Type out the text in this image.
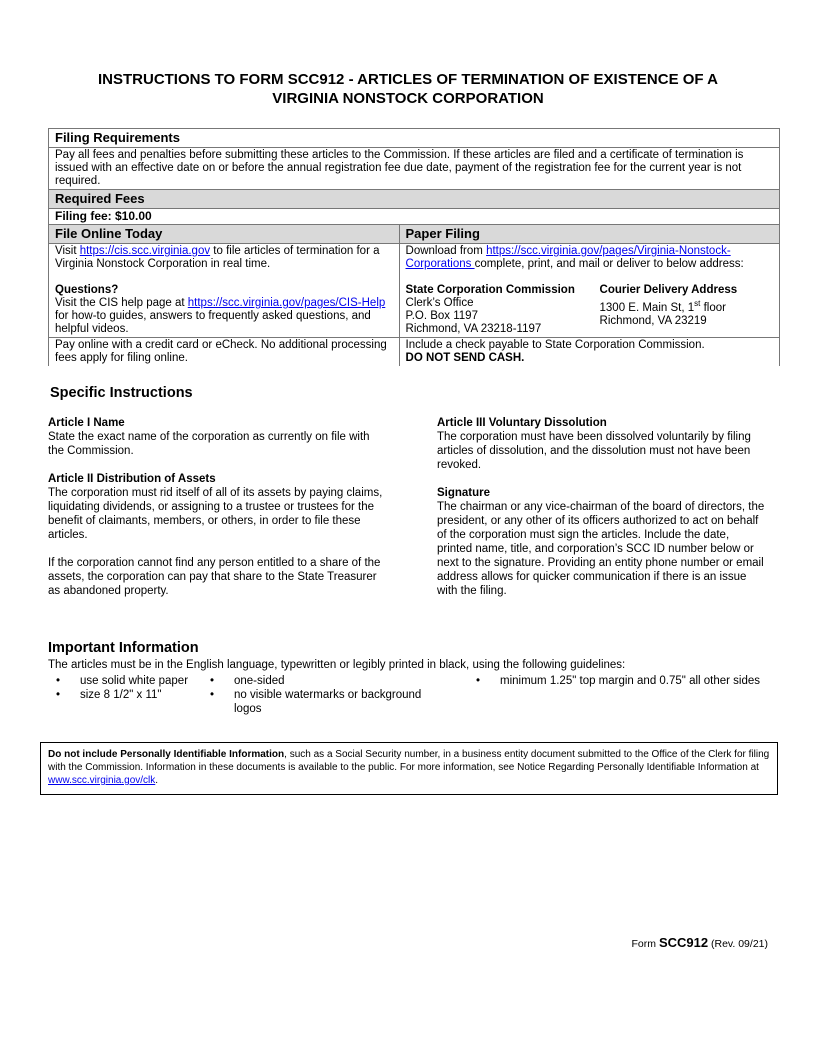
INSTRUCTIONS TO FORM SCC912 - ARTICLES OF TERMINATION OF EXISTENCE OF A
VIRGINIA NONSTOCK CORPORATION
Filing Requirements
Pay all fees and penalties before submitting these articles to the Commission. If these articles are filed and a certificate of termination is issued with an effective date on or before the annual registration fee due date, payment of the registration fee for the current year is not required.
Required Fees
Filing fee: $10.00
File Online Today	Paper Filing
Visit https://cis.scc.virginia.gov to file articles of termination for a Virginia Nonstock Corporation in real time.
Questions?
Visit the CIS help page at https://scc.virginia.gov/pages/CIS-Help for how-to guides, answers to frequently asked questions, and helpful videos.
Download from https://scc.virginia.gov/pages/Virginia-Nonstock-Corporations complete, print, and mail or deliver to below address:
State Corporation Commission
Clerk’s Office
P.O. Box 1197
Richmond, VA 23218-1197
Courier Delivery Address
1300 E. Main St, 1st floor
Richmond, VA 23219
Pay online with a credit card or eCheck. No additional processing fees apply for filing online.
Include a check payable to State Corporation Commission.
DO NOT SEND CASH.
Specific Instructions
Article I Name

State the exact name of the corporation as currently on file with the Commission.

Article II Distribution of Assets

The corporation must rid itself of all of its assets by paying claims, liquidating dividends, or assigning to a trustee or trustees for the benefit of claimants, members, or others, in order to file these articles.

If the corporation cannot find any person entitled to a share of the assets, the corporation can pay that share to the State Treasurer as abandoned property.

Article III Voluntary Dissolution

The corporation must have been dissolved voluntarily by filing articles of dissolution, and the dissolution must not have been revoked.

Signature

The chairman or any vice-chairman of the board of directors, the president, or any other of its officers authorized to act on behalf of the corporation must sign the articles. Include the date, printed name, title, and corporation’s SCC ID number below or next to the signature. Providing an entity phone number or email address allows for quicker communication if there is an issue with the filing.

Important Information
The articles must be in the English language, typewritten or legibly printed in black, using the following guidelines:
• use solid white paper
• size 8 1/2" x 11"
• one-sided
• no visible watermarks or background logos
• minimum 1.25" top margin and 0.75" all other sides
Do not include Personally Identifiable Information, such as a Social Security number, in a business entity document submitted to the Office of the Clerk for filing with the Commission. Information in these documents is available to the public. For more information, see Notice Regarding Personally Identifiable Information at www.scc.virginia.gov/clk.
Form SCC912 (Rev. 09/21)
